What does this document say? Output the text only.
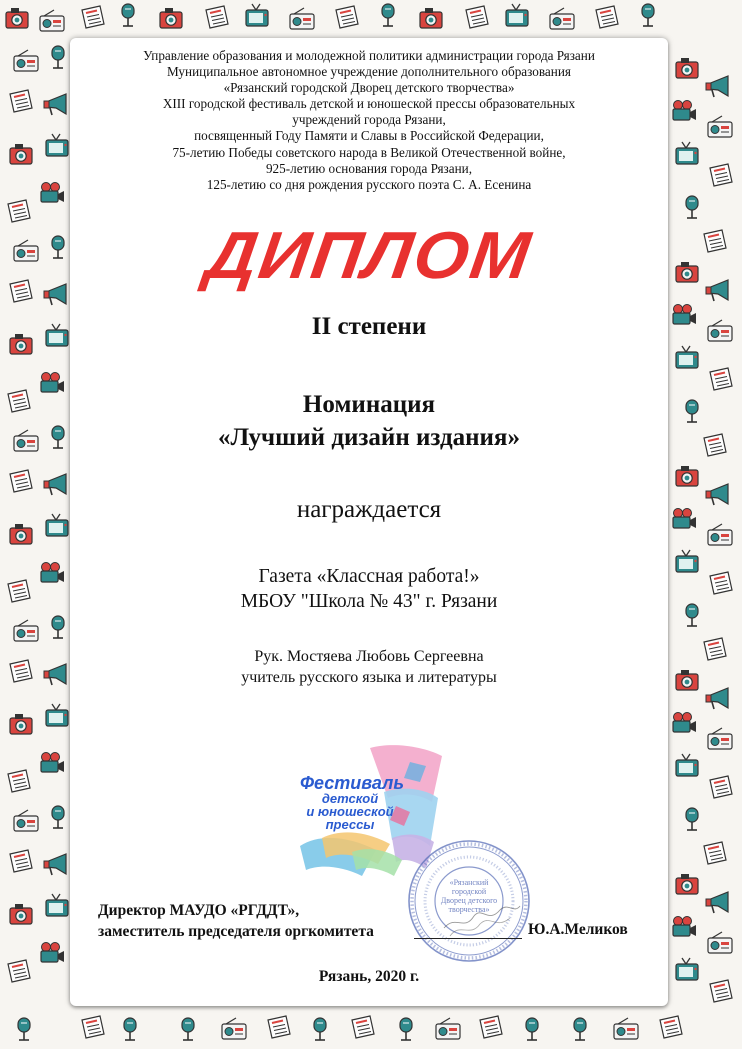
Управление образования и молодежной политики администрации города Рязани
Муниципальное автономное учреждение дополнительного образования
«Рязанский городской Дворец детского творчества»
XIII городской фестиваль детской и юношеской прессы образовательных
учреждений города Рязани,
посвященный Году Памяти и Славы в Российской Федерации,
75-летию Победы советского народа в Великой Отечественной войне,
925-летию основания города Рязани,
125-летию со дня рождения русского поэта С. А. Есенина
ДИПЛОМ
II степени
Номинация
«Лучший дизайн издания»
награждается
Газета «Классная работа!»
МБОУ "Школа № 43" г. Рязани
Рук. Мостяева Любовь Сергеевна
учитель русского языка и литературы
Фестиваль
детской
и юношеской
прессы
«Рязанский городской Дворец детского творчества»
Директор МАУДО «РГДДТ»,
заместитель председателя оргкомитета	Ю.А.Меликов
Рязань, 2020 г.
